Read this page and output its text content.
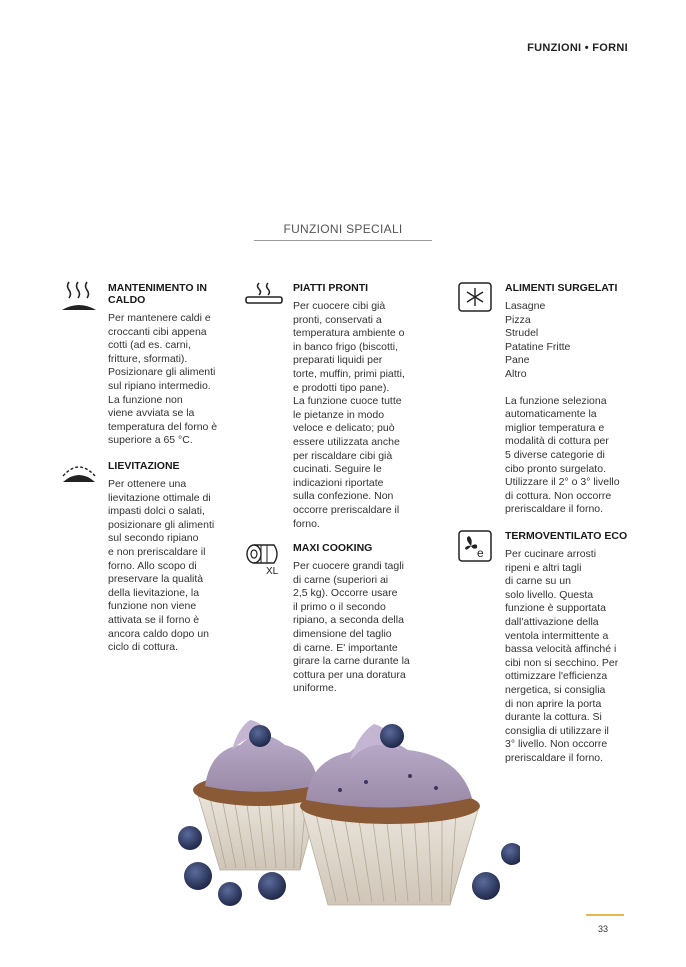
FUNZIONI • FORNI
FUNZIONI SPECIALI
MANTENIMENTO IN CALDO
Per mantenere caldi e
croccanti cibi appena
cotti (ad es. carni,
fritture, sformati).
Posizionare gli alimenti
sul ripiano intermedio.
La funzione non
viene avviata se la
temperatura del forno è
superiore a 65 °C.
LIEVITAZIONE
Per ottenere una
lievitazione ottimale di
impasti dolci o salati,
posizionare gli alimenti
sul secondo ripiano
e non preriscaldare il
forno. Allo scopo di
preservare la qualità
della lievitazione, la
funzione non viene
attivata se il forno è
ancora caldo dopo un
ciclo di cottura.
PIATTI PRONTI
Per cuocere cibi già
pronti, conservati a
temperatura ambiente o
in banco frigo (biscotti,
preparati liquidi per
torte, muffin, primi piatti,
e prodotti tipo pane).
La funzione cuoce tutte
le pietanze in modo
veloce e delicato; può
essere utilizzata anche
per riscaldare cibi già
cucinati. Seguire le
indicazioni riportate
sulla confezione. Non
occorre preriscaldare il
forno.
XL
MAXI COOKING
Per cuocere grandi tagli
di carne (superiori ai
2,5 kg). Occorre usare
il primo o il secondo
ripiano, a seconda della
dimensione del taglio
di carne. E' importante
girare la carne durante la
cottura per una doratura
uniforme.
ALIMENTI SURGELATI
Lasagne
Pizza
Strudel
Patatine Fritte
Pane
Altro
La funzione seleziona
automaticamente la
miglior temperatura e
modalità di cottura per
5 diverse categorie di
cibo pronto surgelato.
Utilizzare il 2° o 3° livello
di cottura. Non occorre
preriscaldare il forno.
e
TERMOVENTILATO ECO
Per cucinare arrosti
ripeni e altri tagli
di carne su un
solo livello. Questa
funzione è supportata
dall'attivazione della
ventola intermittente a
bassa velocità affinché i
cibi non si secchino. Per
ottimizzare l'efficienza
nergetica, si consiglia
di non aprire la porta
durante la cottura. Si
consiglia di utilizzare il
3° livello. Non occorre
preriscaldare il forno.
33
